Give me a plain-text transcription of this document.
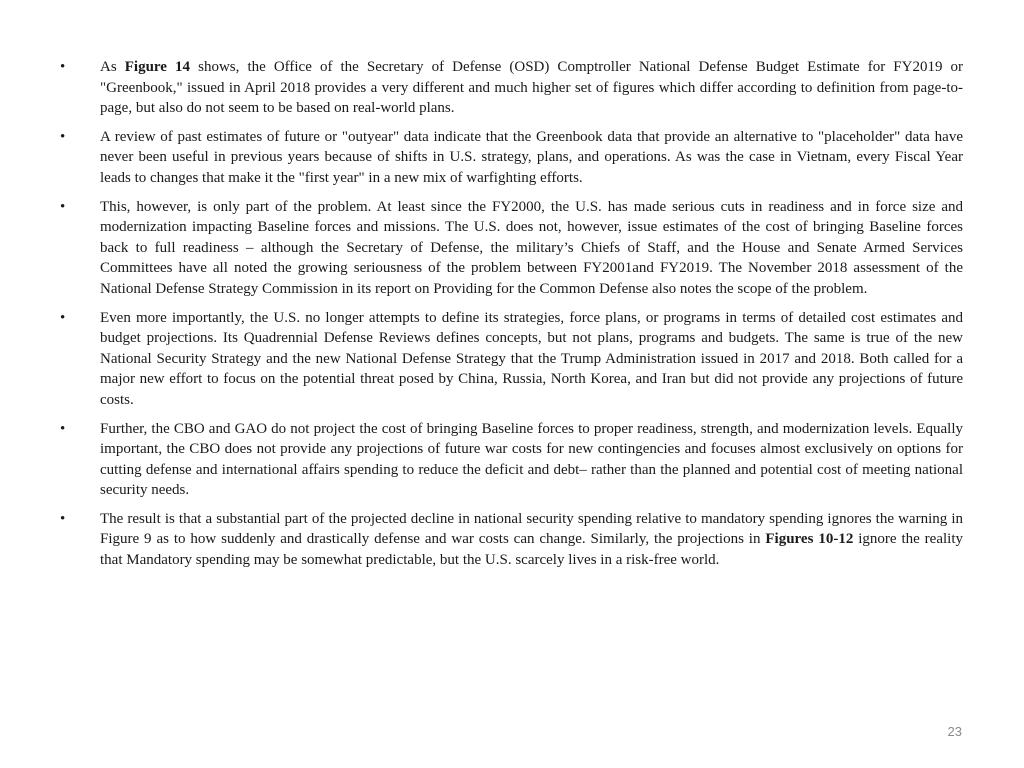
•	As Figure 14 shows, the Office of the Secretary of Defense (OSD) Comptroller National Defense Budget Estimate for FY2019 or "Greenbook," issued in April 2018 provides a very different and much higher set of figures which differ according to definition from page-to-page, but also do not seem to be based on real-world plans.
•	A review of past estimates of future or "outyear" data indicate that the Greenbook data that provide an alternative to "placeholder" data have never been useful in previous years because of shifts in U.S. strategy, plans, and operations. As was the case in Vietnam, every Fiscal Year leads to changes that make it the "first year" in a new mix of warfighting efforts.
•	This, however, is only part of the problem. At least since the FY2000, the U.S. has made serious cuts in readiness and in force size and modernization impacting Baseline forces and missions. The U.S. does not, however, issue estimates of the cost of bringing Baseline forces back to full readiness – although the Secretary of Defense, the military’s Chiefs of Staff, and the House and Senate Armed Services Committees have all noted the growing seriousness of the problem between FY2001and FY2019. The November 2018 assessment of the National Defense Strategy Commission in its report on Providing for the Common Defense also notes the scope of the problem.
•	Even more importantly, the U.S. no longer attempts to define its strategies, force plans, or programs in terms of detailed cost estimates and budget projections. Its Quadrennial Defense Reviews defines concepts, but not plans, programs and budgets. The same is true of the new National Security Strategy and the new National Defense Strategy that the Trump Administration issued in 2017 and 2018. Both called for a major new effort to focus on the potential threat posed by China, Russia, North Korea, and Iran but did not provide any projections of future costs.
•	Further, the CBO and GAO do not project the cost of bringing Baseline forces to proper readiness, strength, and modernization levels. Equally important, the CBO does not provide any projections of future war costs for new contingencies and focuses almost exclusively on options for cutting defense and international affairs spending to reduce the deficit and debt– rather than the planned and potential cost of meeting national security needs.
•	The result is that a substantial part of the projected decline in national security spending relative to mandatory spending ignores the warning in Figure 9 as to how suddenly and drastically defense and war costs can change. Similarly, the projections in Figures 10-12 ignore the reality that Mandatory spending may be somewhat predictable, but the U.S. scarcely lives in a risk-free world.
23
